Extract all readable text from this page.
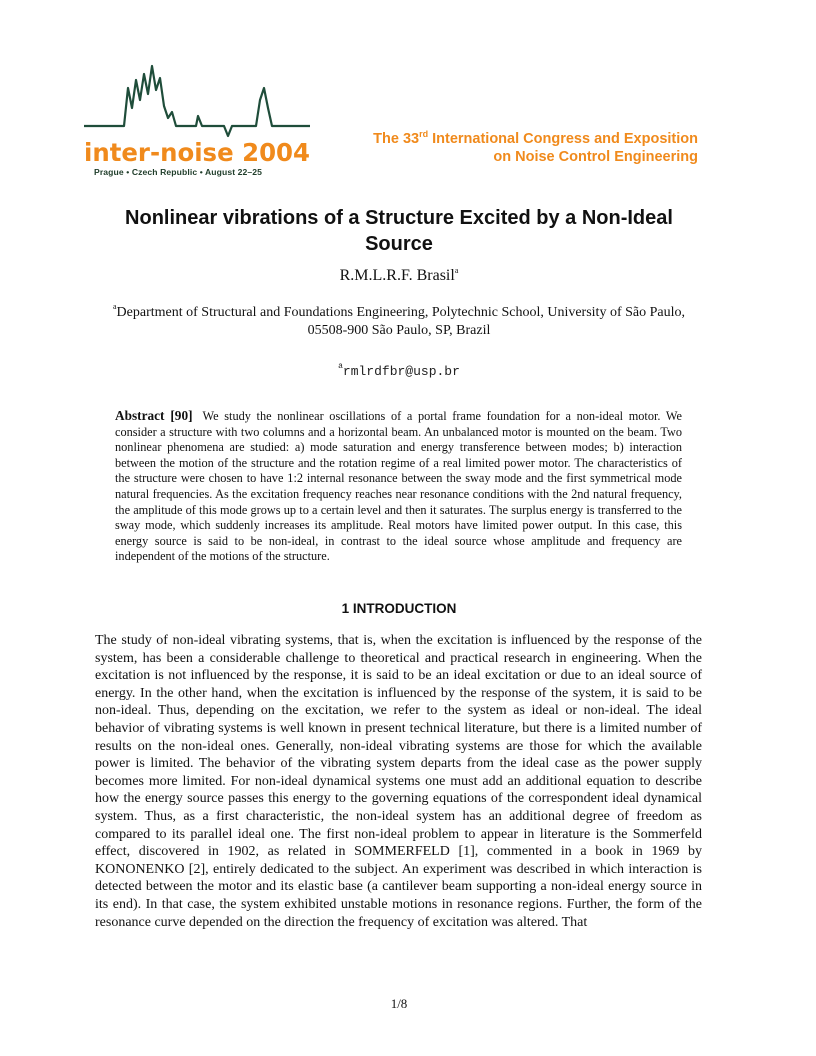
inter-noise 2004
Prague • Czech Republic • August 22–25
The 33rd International Congress and Exposition
on Noise Control Engineering
Nonlinear vibrations of a Structure Excited by a Non-Ideal Source
R.M.L.R.F. Brasil$^a$
$^a$Department of Structural and Foundations Engineering, Polytechnic School, University of São Paulo, 05508-900 São Paulo, SP, Brazil
$^a$rmlrdfbr@usp.br
Abstract [90] We study the nonlinear oscillations of a portal frame foundation for a non-ideal motor. We consider a structure with two columns and a horizontal beam. An unbalanced motor is mounted on the beam. Two nonlinear phenomena are studied: a) mode saturation and energy transference between modes; b) interaction between the motion of the structure and the rotation regime of a real limited power motor. The characteristics of the structure were chosen to have 1:2 internal resonance between the sway mode and the first symmetrical mode natural frequencies. As the excitation frequency reaches near resonance conditions with the 2nd natural frequency, the amplitude of this mode grows up to a certain level and then it saturates. The surplus energy is transferred to the sway mode, which suddenly increases its amplitude. Real motors have limited power output. In this case, this energy source is said to be non-ideal, in contrast to the ideal source whose amplitude and frequency are independent of the motions of the structure.
1 INTRODUCTION
The study of non-ideal vibrating systems, that is, when the excitation is influenced by the response of the system, has been a considerable challenge to theoretical and practical research in engineering. When the excitation is not influenced by the response, it is said to be an ideal excitation or due to an ideal source of energy. In the other hand, when the excitation is influenced by the response of the system, it is said to be non-ideal. Thus, depending on the excitation, we refer to the system as ideal or non-ideal. The ideal behavior of vibrating systems is well known in present technical literature, but there is a limited number of results on the non-ideal ones. Generally, non-ideal vibrating systems are those for which the available power is limited. The behavior of the vibrating system departs from the ideal case as the power supply becomes more limited. For non-ideal dynamical systems one must add an additional equation to describe how the energy source passes this energy to the governing equations of the correspondent ideal dynamical system. Thus, as a first characteristic, the non-ideal system has an additional degree of freedom as compared to its parallel ideal one. The first non-ideal problem to appear in literature is the Sommerfeld effect, discovered in 1902, as related in SOMMERFELD [1], commented in a book in 1969 by KONONENKO [2], entirely dedicated to the subject. An experiment was described in which interaction is detected between the motor and its elastic base (a cantilever beam supporting a non-ideal energy source in its end). In that case, the system exhibited unstable motions in resonance regions. Further, the form of the resonance curve depended on the direction the frequency of excitation was altered. That
1/8
